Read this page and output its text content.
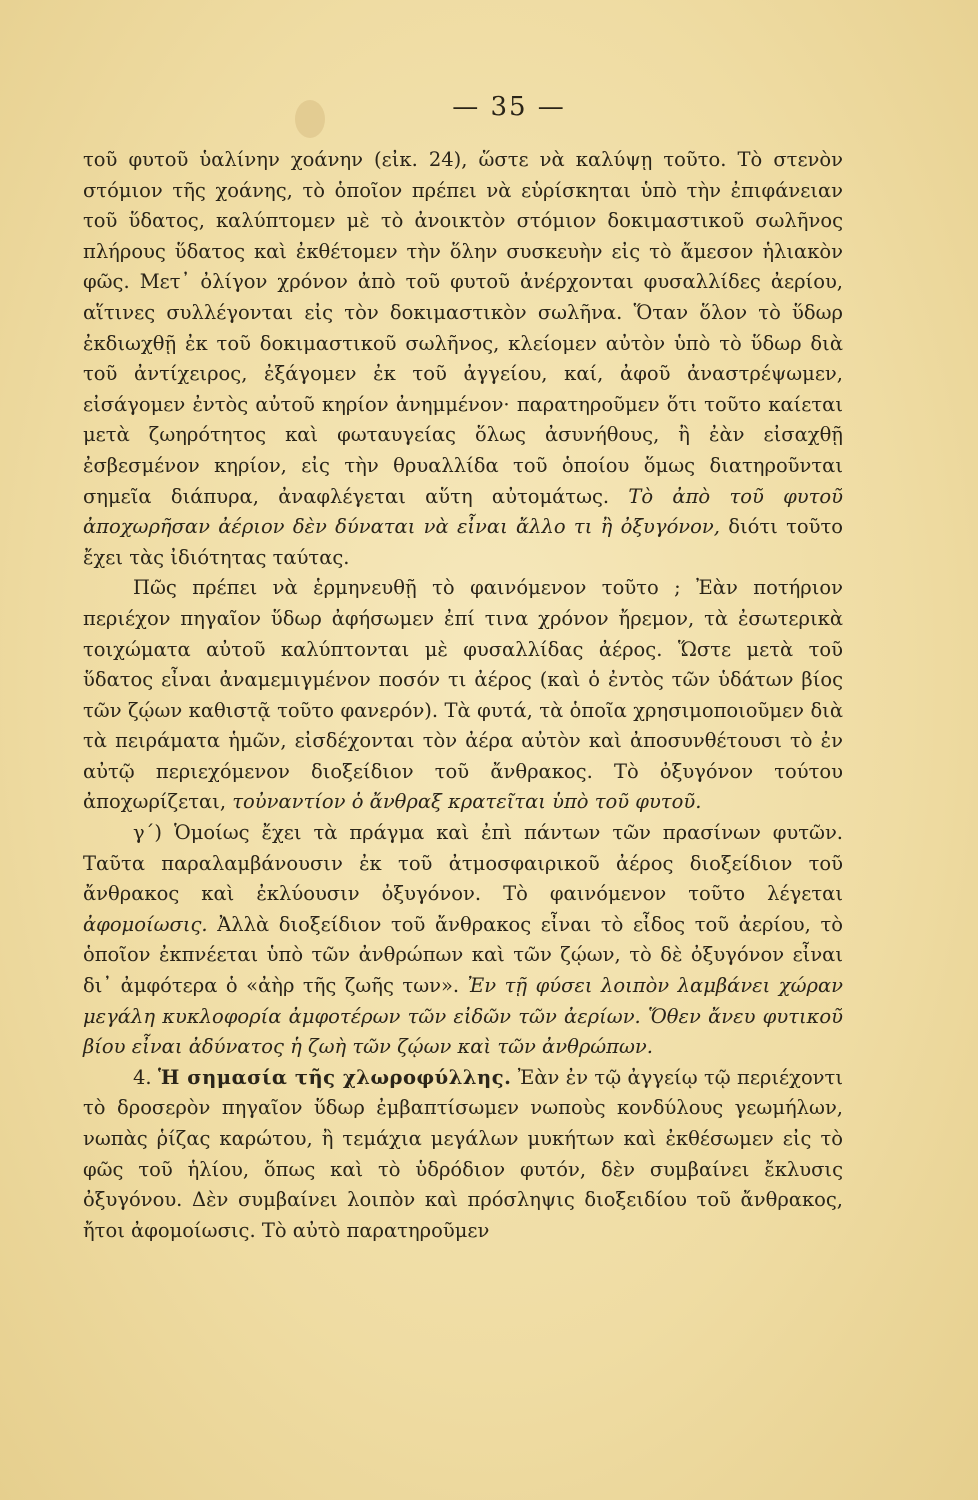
— 35 —

τοῦ φυτοῦ ὑαλίνην χοάνην (εἰκ. 24), ὥστε νὰ καλύψῃ τοῦτο. Τὸ στενὸν στόμιον τῆς χοάνης, τὸ ὁποῖον πρέπει νὰ εὑρίσκηται ὑπὸ τὴν ἐπιφάνειαν τοῦ ὕδατος, καλύπτομεν μὲ τὸ ἀνοικτὸν στόμιον δοκιμαστικοῦ σωλῆνος πλήρους ὕδατος καὶ ἐκθέτομεν τὴν ὅλην συσκευὴν εἰς τὸ ἄμεσον ἡλιακὸν φῶς. Μετ᾿ ὀλίγον χρόνον ἀπὸ τοῦ φυτοῦ ἀνέρχονται φυσαλλίδες ἀερίου, αἵτινες συλλέγονται εἰς τὸν δοκιμαστικὸν σωλῆνα. Ὅταν ὅλον τὸ ὕδωρ ἐκδιωχθῇ ἐκ τοῦ δοκιμαστικοῦ σωλῆνος, κλείομεν αὐτὸν ὑπὸ τὸ ὕδωρ διὰ τοῦ ἀντίχειρος, ἐξάγομεν ἐκ τοῦ ἀγγείου, καί, ἀφοῦ ἀναστρέψωμεν, εἰσάγομεν ἐντὸς αὐτοῦ κηρίον ἀνημμένον· παρατηροῦμεν ὅτι τοῦτο καίεται μετὰ ζωηρότητος καὶ φωταυγείας ὅλως ἀσυνήθους, ἢ ἐὰν εἰσαχθῇ ἐσβεσμένον κηρίον, εἰς τὴν θρυαλλίδα τοῦ ὁποίου ὅμως διατηροῦνται σημεῖα διάπυρα, ἀναφλέγεται αὕτη αὐτομάτως. Τὸ ἀπὸ τοῦ φυτοῦ ἀποχωρῆσαν ἀέριον δὲν δύναται νὰ εἶναι ἄλλο τι ἢ ὀξυγόνον, διότι τοῦτο ἔχει τὰς ἰδιότητας ταύτας.

Πῶς πρέπει νὰ ἑρμηνευθῇ τὸ φαινόμενον τοῦτο ; Ἐὰν ποτήριον περιέχον πηγαῖον ὕδωρ ἀφήσωμεν ἐπί τινα χρόνον ἤρεμον, τὰ ἐσωτερικὰ τοιχώματα αὐτοῦ καλύπτονται μὲ φυσαλλίδας ἀέρος. Ὥστε μετὰ τοῦ ὕδατος εἶναι ἀναμεμιγμένον ποσόν τι ἀέρος (καὶ ὁ ἐντὸς τῶν ὑδάτων βίος τῶν ζῴων καθιστᾷ τοῦτο φανερόν). Τὰ φυτά, τὰ ὁποῖα χρησιμοποιοῦμεν διὰ τὰ πειράματα ἡμῶν, εἰσδέχονται τὸν ἀέρα αὐτὸν καὶ ἀποσυνθέτουσι τὸ ἐν αὐτῷ περιεχόμενον διοξείδιον τοῦ ἄνθρακος. Τὸ ὀξυγόνον τούτου ἀποχωρίζεται, τοὐναντίον ὁ ἄνθραξ κρατεῖται ὑπὸ τοῦ φυτοῦ.

γ΄) Ὁμοίως ἔχει τὰ πράγμα καὶ ἐπὶ πάντων τῶν πρασίνων φυτῶν. Ταῦτα παραλαμβάνουσιν ἐκ τοῦ ἀτμοσφαιρικοῦ ἀέρος διοξείδιον τοῦ ἄνθρακος καὶ ἐκλύουσιν ὀξυγόνον. Τὸ φαινόμενον τοῦτο λέγεται ἀφομοίωσις. Ἀλλὰ διοξείδιον τοῦ ἄνθρακος εἶναι τὸ εἶδος τοῦ ἀερίου, τὸ ὁποῖον ἐκπνέεται ὑπὸ τῶν ἀνθρώπων καὶ τῶν ζῴων, τὸ δὲ ὀξυγόνον εἶναι δι᾿ ἀμφότερα ὁ «ἀὴρ τῆς ζωῆς των». Ἐν τῇ φύσει λοιπὸν λαμβάνει χώραν μεγάλη κυκλοφορία ἀμφοτέρων τῶν εἰδῶν τῶν ἀερίων. Ὅθεν ἄνευ φυτικοῦ βίου εἶναι ἀδύνατος ἡ ζωὴ τῶν ζῴων καὶ τῶν ἀνθρώπων.

4. Ἡ σημασία τῆς χλωροφύλλης. Ἐὰν ἐν τῷ ἀγγείῳ τῷ περιέχοντι τὸ δροσερὸν πηγαῖον ὕδωρ ἐμβαπτίσωμεν νωποὺς κονδύλους γεωμήλων, νωπὰς ῥίζας καρώτου, ἢ τεμάχια μεγάλων μυκήτων καὶ ἐκθέσωμεν εἰς τὸ φῶς τοῦ ἡλίου, ὅπως καὶ τὸ ὑδρόδιον φυτόν, δὲν συμβαίνει ἔκλυσις ὀξυγόνου. Δὲν συμβαίνει λοιπὸν καὶ πρόσληψις διοξειδίου τοῦ ἄνθρακος, ἤτοι ἀφομοίωσις. Τὸ αὐτὸ παρατηροῦμεν
